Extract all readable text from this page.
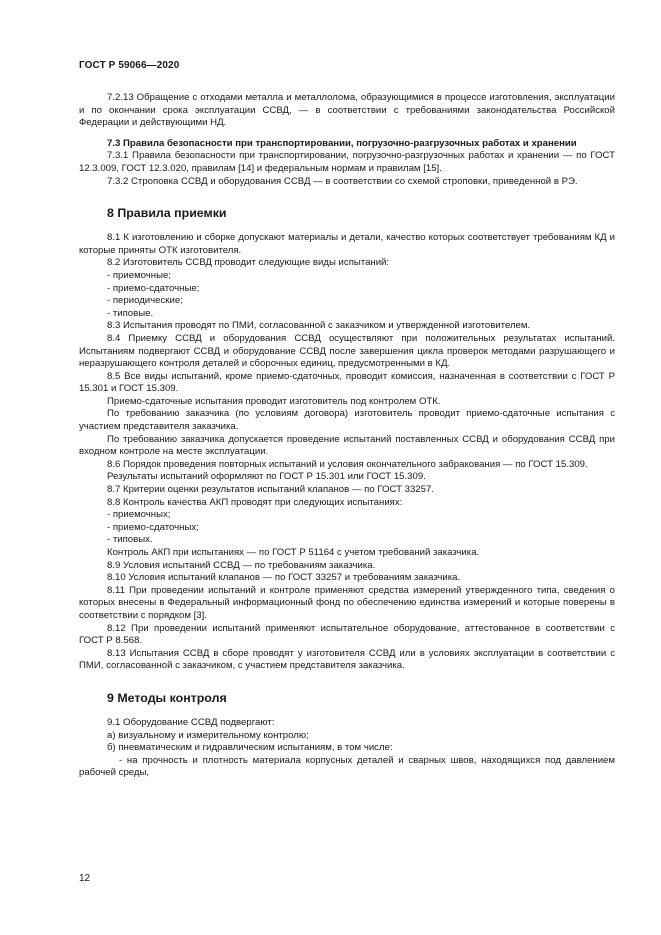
ГОСТ Р 59066—2020

7.2.13 Обращение с отходами металла и металлолома, образующимися в процессе изготовления, эксплуатации и по окончании срока эксплуатации ССВД, — в соответствии с требованиями законодательства Российской Федерации и действующими НД.

7.3 Правила безопасности при транспортировании, погрузочно-разгрузочных работах и хранении

7.3.1 Правила безопасности при транспортировании, погрузочно-разгрузочных работах и хранении — по ГОСТ 12.3.009, ГОСТ 12.3.020, правилам [14] и федеральным нормам и правилам [15].

7.3.2 Строповка ССВД и оборудования ССВД — в соответствии со схемой строповки, приведенной в РЭ.

8 Правила приемки

8.1 К изготовлению и сборке допускают материалы и детали, качество которых соответствует требованиям КД и которые приняты ОТК изготовителя.

8.2 Изготовитель ССВД проводит следующие виды испытаний:

- приемочные;

- приемо-сдаточные;

- периодические;

- типовые.

8.3 Испытания проводят по ПМИ, согласованной с заказчиком и утвержденной изготовителем.

8.4 Приемку ССВД и оборудования ССВД осуществляют при положительных результатах испытаний. Испытаниям подвергают ССВД и оборудование ССВД после завершения цикла проверок методами разрушающего и неразрушающего контроля деталей и сборочных единиц, предусмотренными в КД.

8.5 Все виды испытаний, кроме приемо-сдаточных, проводит комиссия, назначенная в соответствии с ГОСТ Р 15.301 и ГОСТ 15.309.

Приемо-сдаточные испытания проводит изготовитель под контролем ОТК.

По требованию заказчика (по условиям договора) изготовитель проводит приемо-сдаточные испытания с участием представителя заказчика.

По требованию заказчика допускается проведение испытаний поставленных ССВД и оборудования ССВД при входном контроле на месте эксплуатации.

8.6 Порядок проведения повторных испытаний и условия окончательного забракования — по ГОСТ 15.309.

Результаты испытаний оформляют по ГОСТ Р 15.301 или ГОСТ 15.309.

8.7 Критерии оценки результатов испытаний клапанов — по ГОСТ 33257.

8.8 Контроль качества АКП проводят при следующих испытаниях:

- приемочных;

- приемо-сдаточных;

- типовых.

Контроль АКП при испытаниях — по ГОСТ Р 51164 с учетом требований заказчика.

8.9 Условия испытаний ССВД — по требованиям заказчика.

8.10 Условия испытаний клапанов — по ГОСТ 33257 и требованиям заказчика.

8.11 При проведении испытаний и контроле применяют средства измерений утвержденного типа, сведения о которых внесены в Федеральный информационный фонд по обеспечению единства измерений и которые поверены в соответствии с порядком [3].

8.12 При проведении испытаний применяют испытательное оборудование, аттестованное в соответствии с ГОСТ Р 8.568.

8.13 Испытания ССВД в сборе проводят у изготовителя ССВД или в условиях эксплуатации в соответствии с ПМИ, согласованной с заказчиком, с участием представителя заказчика.

9 Методы контроля

9.1 Оборудование ССВД подвергают:

а) визуальному и измерительному контролю;

б) пневматическим и гидравлическим испытаниям, в том числе:

- на прочность и плотность материала корпусных деталей и сварных швов, находящихся под давлением рабочей среды,

12
